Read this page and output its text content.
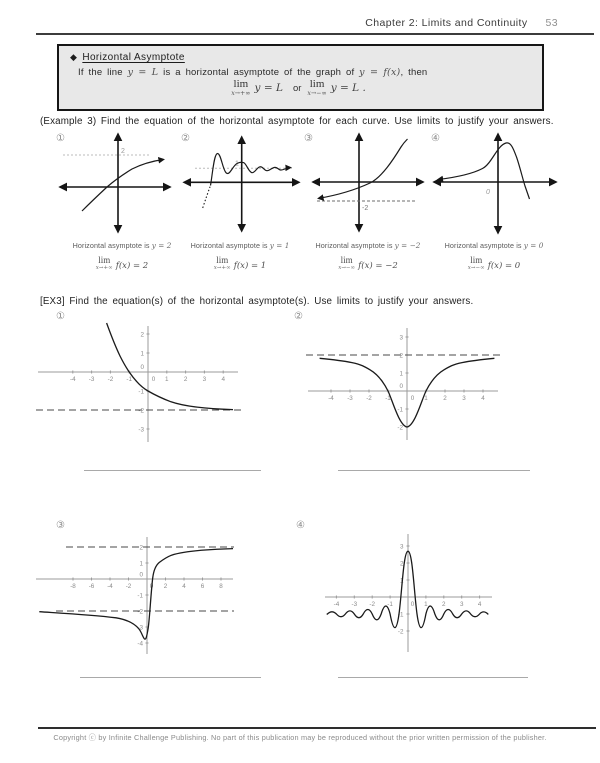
Chapter 2: Limits and Continuity 53
◆ Horizontal Asymptote
If the line y = L is a horizontal asymptote of the graph of y = f(x), then
lim
x→+∞ y = L or lim
x→−∞ y = L .
(Example 3) Find the equation of the horizontal asymptote for each curve. Use limits to justify your answers.
①	②	③	④
2
1
-2
0
Horizontal asymptote is y = 2
lim
x→+∞ f(x) = 2
Horizontal asymptote is y = 1
lim
x→+∞ f(x) = 1
Horizontal asymptote is y = −2
lim
x→−∞ f(x) = −2
Horizontal asymptote is y = 0
lim
x→−∞ f(x) = 0
[EX3] Find the equation(s) of the horizontal asymptote(s). Use limits to justify your answers.
①	②
③	④
-4 -3 -2 -1	0 1 2 3 4
2
1
0
-1
-2
-3
-4 -3 -2 -1	0 1 2 3 4
3
2
1
0
-1
-2
-8 -6 -4 -2	0 2 4 6 8
2
1
0
-1
-2
-3
-4
-4 -3 -2 -1	0 1 2 3 4
3
2
1
-1
-2
Copyright ⓒ by Infinite Challenge Publishing. No part of this publication may be reproduced without the prior written permission of the publisher.
